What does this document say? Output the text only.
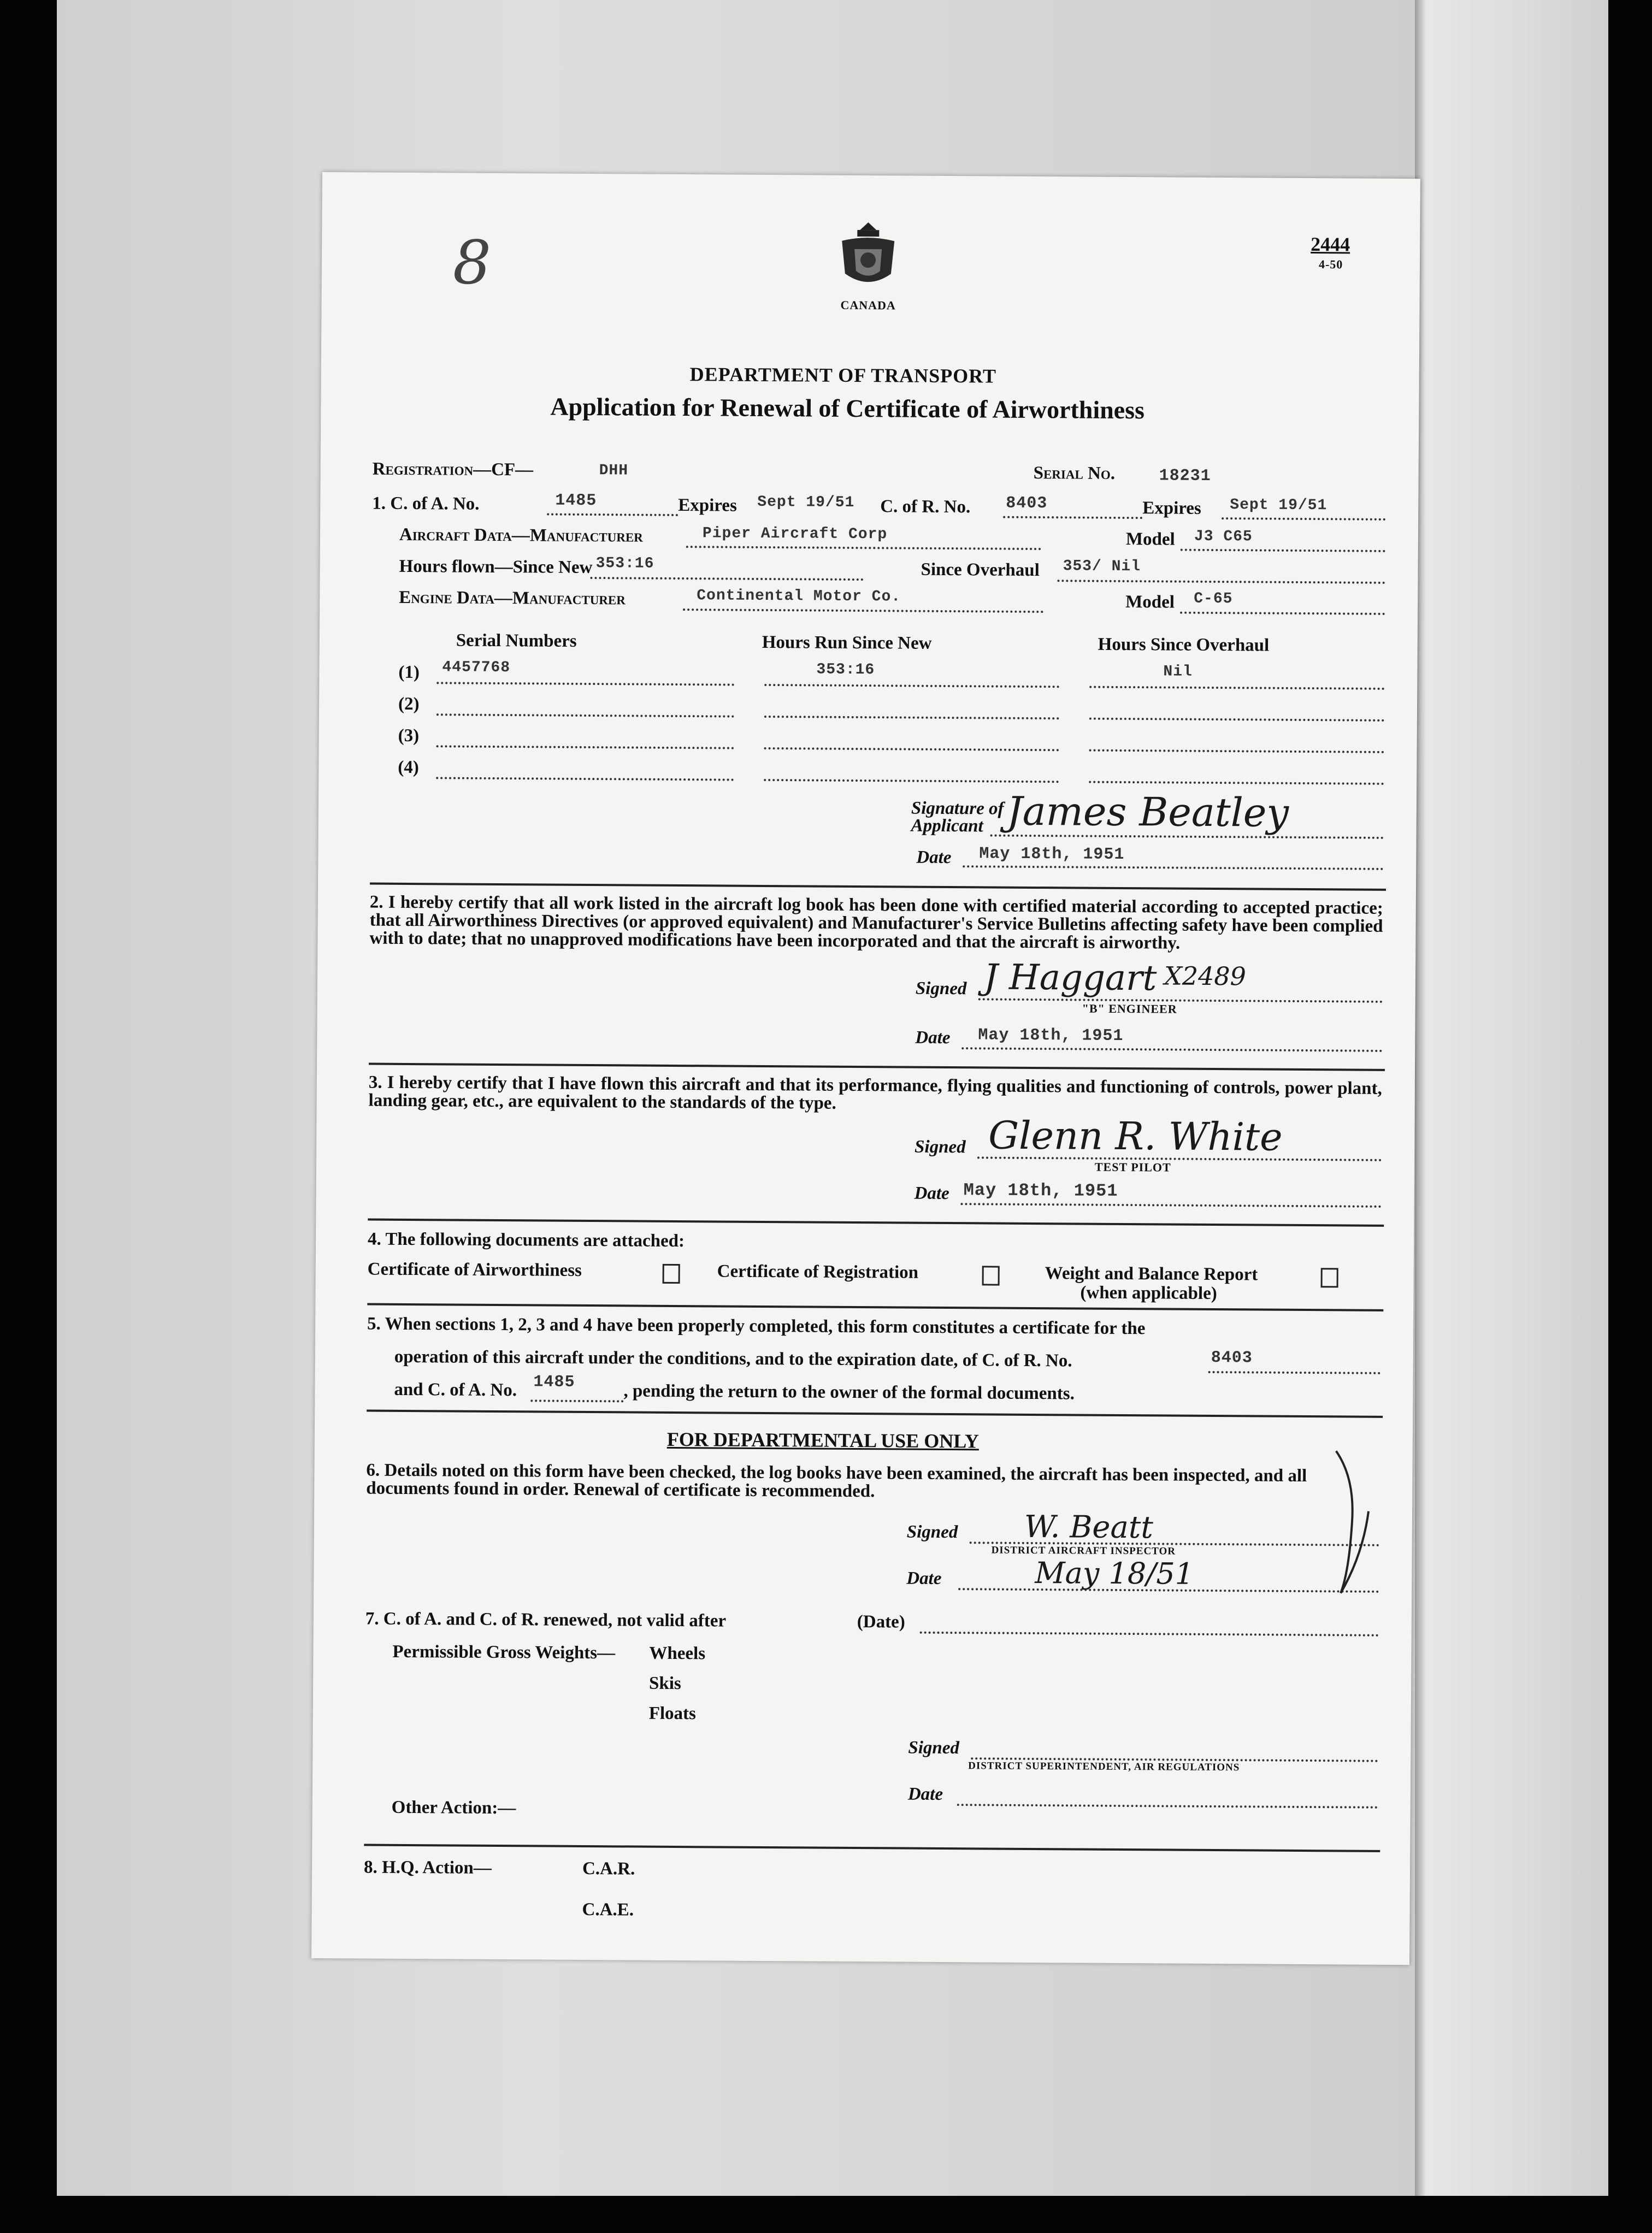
8
CANADA
2444
4-50
DEPARTMENT OF TRANSPORT
Application for Renewal of Certificate of Airworthiness
Registration—CF—	DHH	Serial No.	18231
1. C. of A. No.	1485	Expires Sept 19/51 C. of R. No. 8403	Expires Sept 19/51
Aircraft Data—Manufacturer	Piper Aircraft Corp	Model J3 C65
Hours flown—Since New 353:16	Since Overhaul 353/ Nil
Engine Data—Manufacturer	Continental Motor Co.	Model C-65
Serial Numbers	Hours Run Since New	Hours Since Overhaul
(1) 4457768	353:16	Nil
(2)
(3)
(4)
Signature of
Applicant James Beatley
Date May 18th, 1951
2. I hereby certify that all work listed in the aircraft log book has been done with certified material according to accepted practice; that all Airworthiness Directives (or approved equivalent) and Manufacturer's Service Bulletins affecting safety have been complied with to date; that no unapproved modifications have been incorporated and that the aircraft is airworthy.
Signed J Haggart X2489
"B" ENGINEER
Date May 18th, 1951
3. I hereby certify that I have flown this aircraft and that its performance, flying qualities and functioning of controls, power plant, landing gear, etc., are equivalent to the standards of the type.
Signed Glenn R. White
TEST PILOT
Date May 18th, 1951
4. The following documents are attached:
Certificate of Airworthiness	Certificate of Registration	Weight and Balance Report
(when applicable)
5. When sections 1, 2, 3 and 4 have been properly completed, this form constitutes a certificate for the
operation of this aircraft under the conditions, and to the expiration date, of C. of R. No.	8403
and C. of A. No. 1485	, pending the return to the owner of the formal documents.
FOR DEPARTMENTAL USE ONLY
6. Details noted on this form have been checked, the log books have been examined, the aircraft has been inspected, and all documents found in order. Renewal of certificate is recommended.
Signed W. Beatt
DISTRICT AIRCRAFT INSPECTOR
Date	May 18/51
7. C. of A. and C. of R. renewed, not valid after	(Date)
Permissible Gross Weights— Wheels
Skis
Floats
Signed
DISTRICT SUPERINTENDENT, AIR REGULATIONS
Date
Other Action:—
8. H.Q. Action—	C.A.R.
C.A.E.
